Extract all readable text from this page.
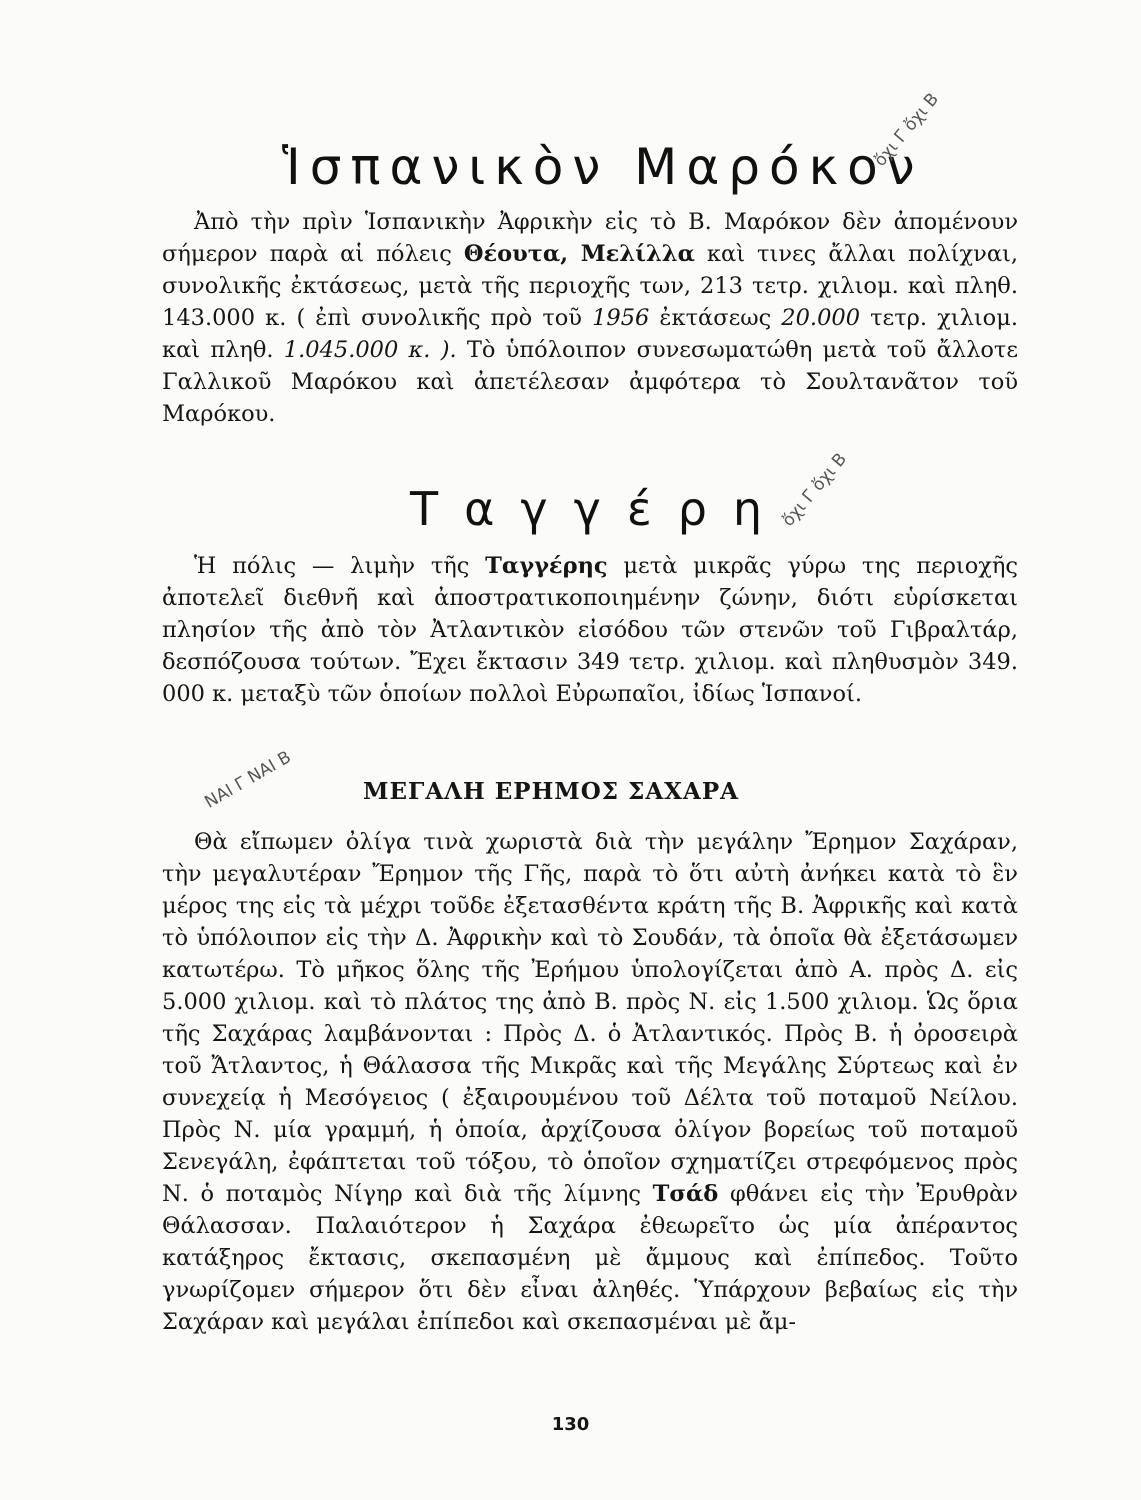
Ἱσπανικὸν Μαρόκον
ὄχι Γ ὄχι Β

Ἀπὸ τὴν πρὶν Ἱσπανικὴν Ἀφρικὴν εἰς τὸ Β. Μαρόκον δὲν ἀπομένουν σήμερον παρὰ αἱ πόλεις Θέουτα, Μελίλλα καὶ τινες ἄλλαι πολίχναι, συνολικῆς ἐκτάσεως, μετὰ τῆς περιοχῆς των, 213 τετρ. χιλιομ. καὶ πληθ. 143.000 κ. ( ἐπὶ συνολικῆς πρὸ τοῦ 1956 ἐκτάσεως 20.000 τετρ. χιλιομ. καὶ πληθ. 1.045.000 κ. ). Τὸ ὑπόλοιπον συνεσωματώθη μετὰ τοῦ ἄλλοτε Γαλλικοῦ Μαρόκου καὶ ἀπετέλεσαν ἀμφότερα τὸ Σουλτανᾶτον τοῦ Μαρόκου.

Ταγγέρη
ὄχι Γ ὄχι Β

Ἡ πόλις — λιμὴν τῆς Ταγγέρης μετὰ μικρᾶς γύρω της περιοχῆς ἀποτελεῖ διεθνῆ καὶ ἀποστρατικοποιημένην ζώνην, διότι εὑρίσκεται πλησίον τῆς ἀπὸ τὸν Ἀτλαντικὸν εἰσόδου τῶν στενῶν τοῦ Γιβραλτάρ, δεσπόζουσα τούτων. Ἔχει ἔκτασιν 349 τετρ. χιλιομ. καὶ πληθυσμὸν 349. 000 κ. μεταξὺ τῶν ὁποίων πολλοὶ Εὐρωπαῖοι, ἰδίως Ἱσπανοί.

ΝΑΙ Γ ΝΑΙ Β	ΜΕΓΑΛΗ ΕΡΗΜΟΣ ΣΑΧΑΡΑ

Θὰ εἴπωμεν ὀλίγα τινὰ χωριστὰ διὰ τὴν μεγάλην Ἔρημον Σαχάραν, τὴν μεγαλυτέραν Ἔρημον τῆς Γῆς, παρὰ τὸ ὅτι αὐτὴ ἀνήκει κατὰ τὸ ἓν μέρος της εἰς τὰ μέχρι τοῦδε ἐξετασθέντα κράτη τῆς Β. Ἀφρικῆς καὶ κατὰ τὸ ὑπόλοιπον εἰς τὴν Δ. Ἀφρικὴν καὶ τὸ Σουδάν, τὰ ὁποῖα θὰ ἐξετάσωμεν κατωτέρω. Τὸ μῆκος ὅλης τῆς Ἐρήμου ὑπολογίζεται ἀπὸ Α. πρὸς Δ. εἰς 5.000 χιλιομ. καὶ τὸ πλάτος της ἀπὸ Β. πρὸς Ν. εἰς 1.500 χιλιομ. Ὡς ὅρια τῆς Σαχάρας λαμβάνονται : Πρὸς Δ. ὁ Ἀτλαντικός. Πρὸς Β. ἡ ὀροσειρὰ τοῦ Ἄτλαντος, ἡ Θάλασσα τῆς Μικρᾶς καὶ τῆς Μεγάλης Σύρτεως καὶ ἐν συνεχείᾳ ἡ Μεσόγειος ( ἐξαιρουμένου τοῦ Δέλτα τοῦ ποταμοῦ Νείλου. Πρὸς Ν. μία γραμμή, ἡ ὁποία, ἀρχίζουσα ὀλίγον βορείως τοῦ ποταμοῦ Σενεγάλη, ἐφάπτεται τοῦ τόξου, τὸ ὁποῖον σχηματίζει στρεφόμενος πρὸς Ν. ὁ ποταμὸς Νίγηρ καὶ διὰ τῆς λίμνης Τσάδ φθάνει εἰς τὴν Ἐρυθρὰν Θάλασσαν. Παλαιότερον ἡ Σαχάρα ἐθεωρεῖτο ὡς μία ἀπέραντος κατάξηρος ἔκτασις, σκεπασμένη μὲ ἄμμους καὶ ἐπίπεδος. Τοῦτο γνωρίζομεν σήμερον ὅτι δὲν εἶναι ἀληθές. Ὑπάρχουν βεβαίως εἰς τὴν Σαχάραν καὶ μεγάλαι ἐπίπεδοι καὶ σκεπασμέναι μὲ ἄμ-

130
